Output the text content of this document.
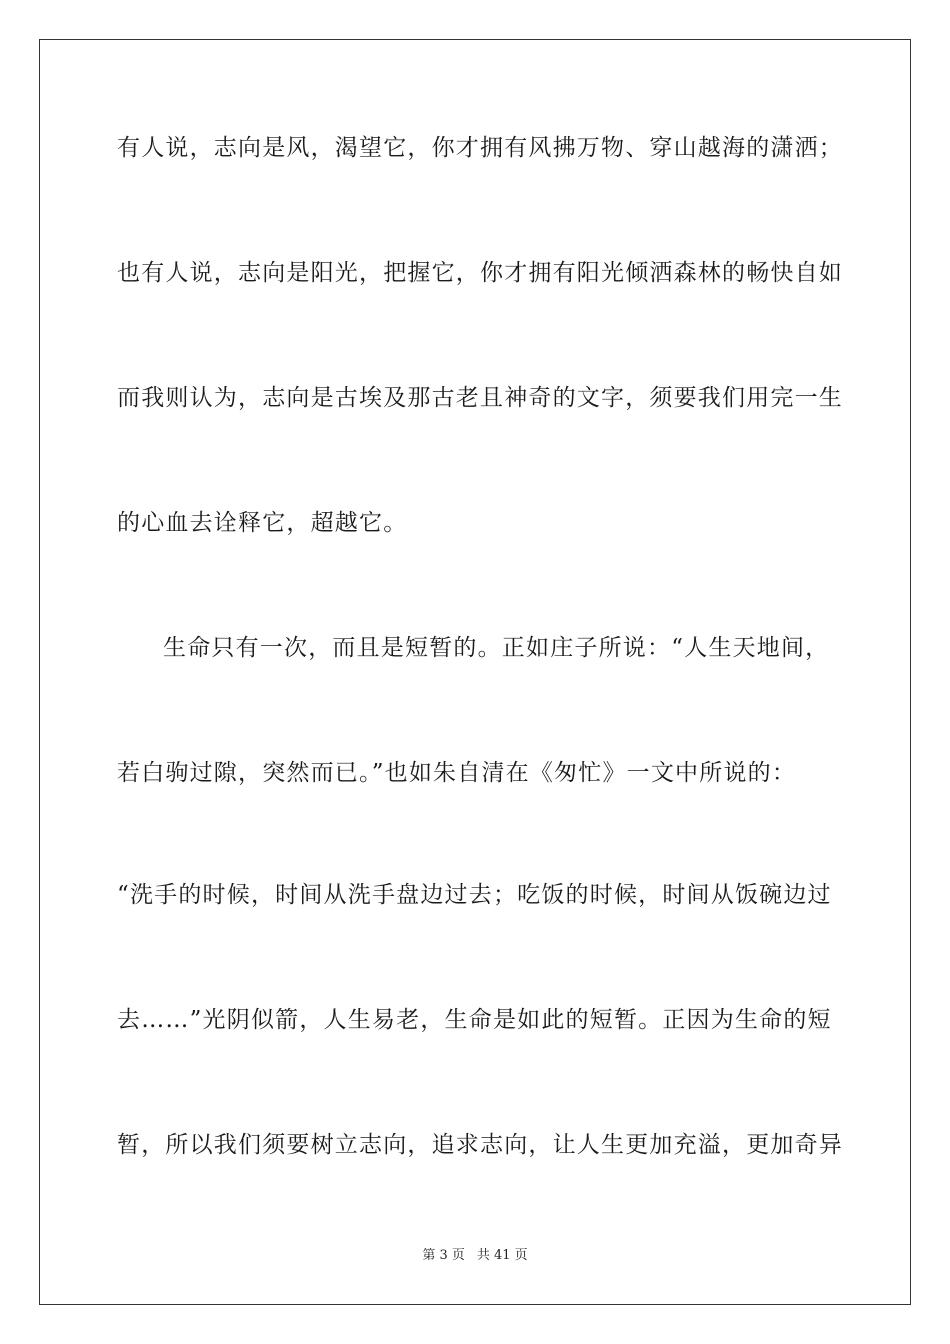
有人说，志向是风，渴望它，你才拥有风拂万物、穿山越海的潇洒；
也有人说，志向是阳光，把握它，你才拥有阳光倾洒森林的畅快自如
而我则认为，志向是古埃及那古老且神奇的文字，须要我们用完一生
的心血去诠释它，超越它。
生命只有一次，而且是短暂的。正如庄子所说：“人生天地间，
若白驹过隙，突然而已。”也如朱自清在《匆忙》一文中所说的：
“洗手的时候，时间从洗手盘边过去；吃饭的时候，时间从饭碗边过
去……”光阴似箭，人生易老，生命是如此的短暂。正因为生命的短
暂，所以我们须要树立志向，追求志向，让人生更加充溢，更加奇异
第 3 页 共 41 页
